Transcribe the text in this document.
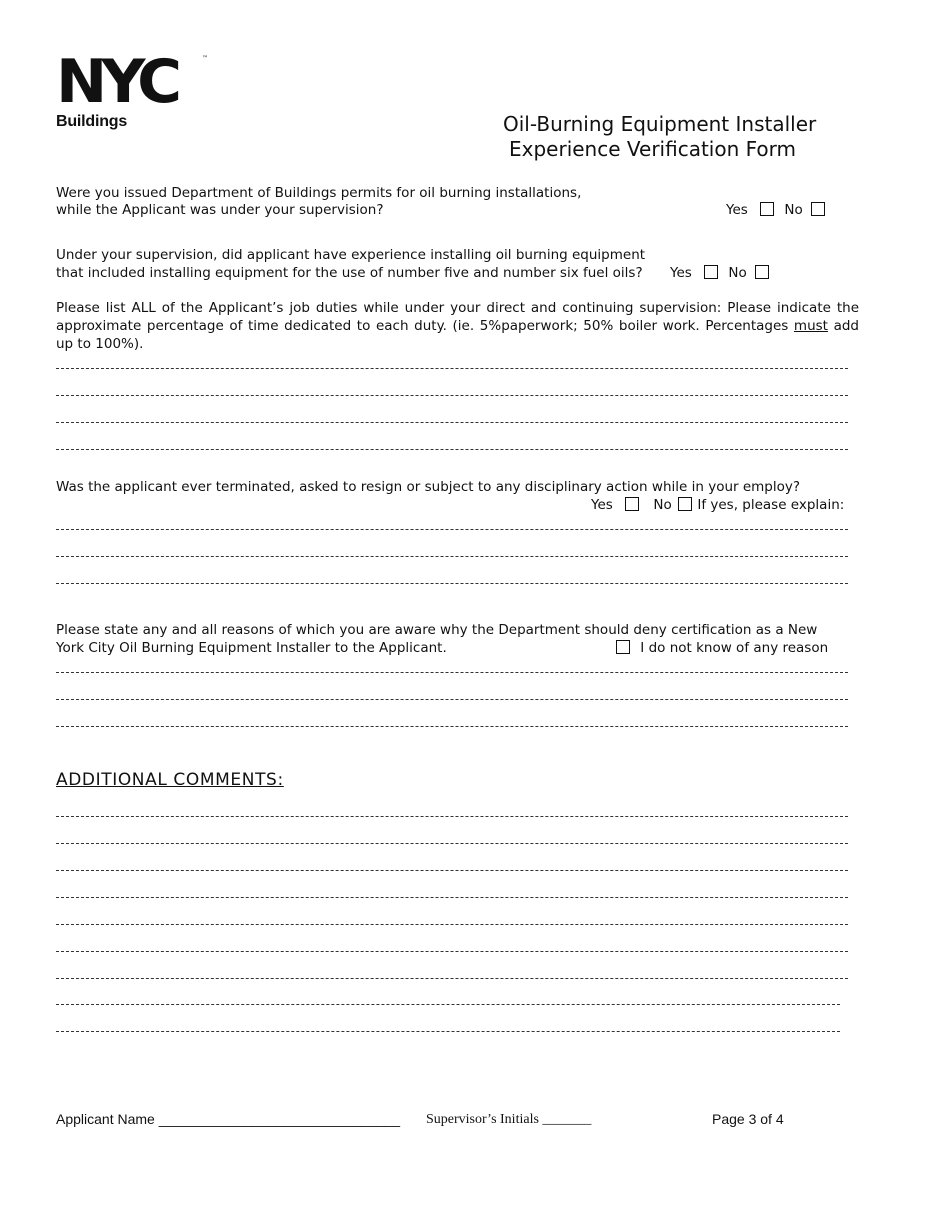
NYC	™
Buildings	Oil-Burning Equipment Installer
Experience Verification Form
Were you issued Department of Buildings permits for oil burning installations,
while the Applicant was under your supervision?	Yes	No
Under your supervision, did applicant have experience installing oil burning equipment
that included installing equipment for the use of number five and number six fuel oils? Yes	No
Please list ALL of the Applicant’s job duties while under your direct and continuing supervision: Please indicate the approximate percentage of time dedicated to each duty. (ie. 5%paperwork; 50% boiler work. Percentages must add up to 100%).
Was the applicant ever terminated, asked to resign or subject to any disciplinary action while in your employ?
Yes	No If yes, please explain:
Please state any and all reasons of which you are aware why the Department should deny certification as a New
York City Oil Burning Equipment Installer to the Applicant.	I do not know of any reason
ADDITIONAL COMMENTS:
Applicant Name _______________________________ Supervisor’s Initials _______	Page 3 of 4
